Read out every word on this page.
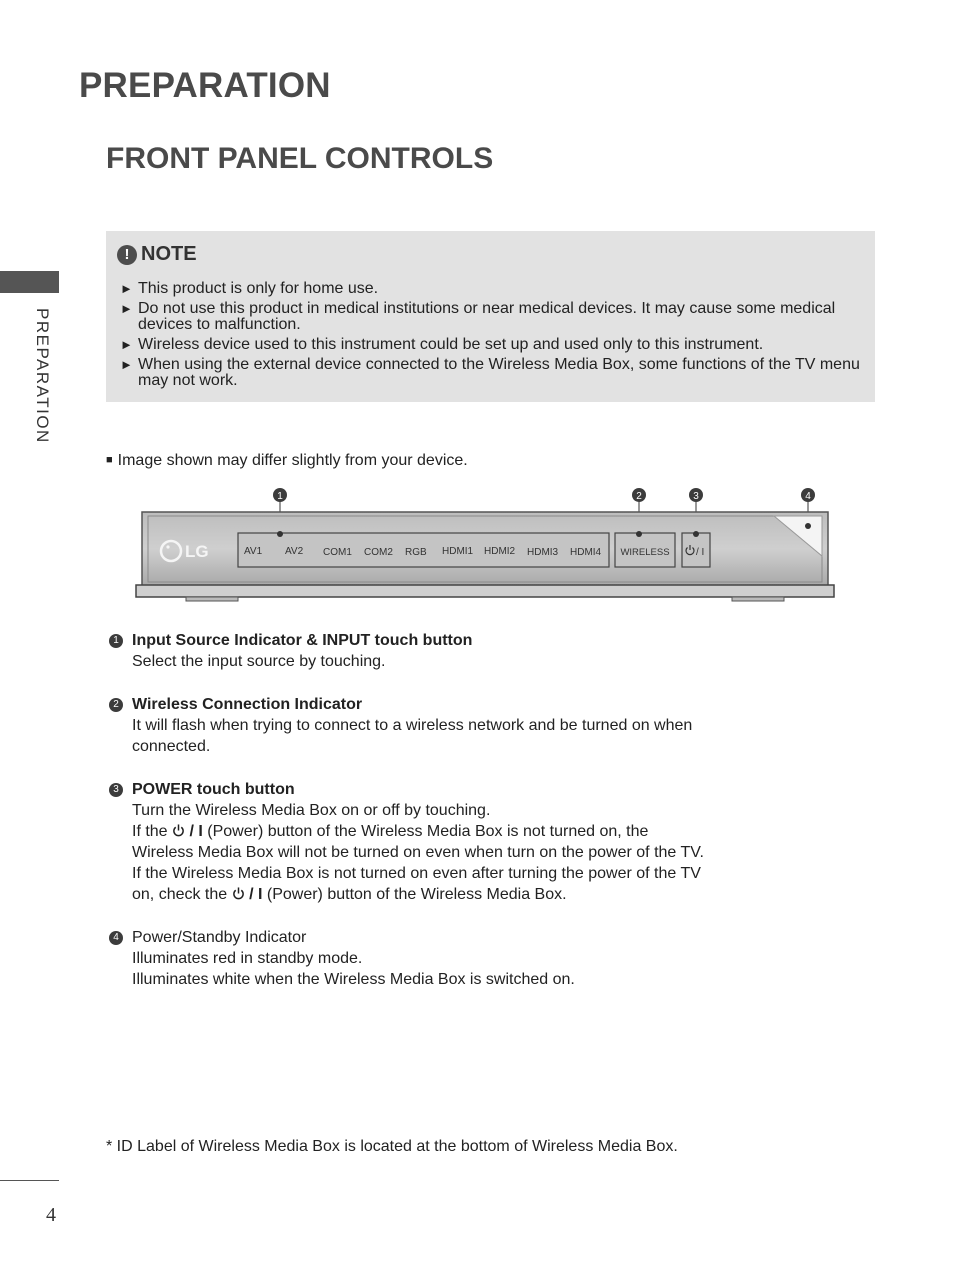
PREPARATION
FRONT PANEL CONTROLS
PREPARATION
! NOTE
► This product is only for home use.
► Do not use this product in medical institutions or near medical devices. It may cause some medical devices to malfunction.
► Wireless device used to this instrument could be set up and used only to this instrument.
► When using the external device connected to the Wireless Media Box, some functions of the TV menu may not work.
■ Image shown may differ slightly from your device.
1	2	3	4
LG	AV1 AV2 COM1 COM2 RGB HDMI1 HDMI2 HDMI3 HDMI4 WIRELESS	/ I
1 Input Source Indicator & INPUT touch button
Select the input source by touching.
2 Wireless Connection Indicator
It will flash when trying to connect to a wireless network and be turned on when
connected.
3 POWER touch button
Turn the Wireless Media Box on or off by touching.
If the / I (Power) button of the Wireless Media Box is not turned on, the
Wireless Media Box will not be turned on even when turn on the power of the TV.
If the Wireless Media Box is not turned on even after turning the power of the TV
on, check the / I (Power) button of the Wireless Media Box.
4 Power/Standby Indicator
Illuminates red in standby mode.
Illuminates white when the Wireless Media Box is switched on.
* ID Label of Wireless Media Box is located at the bottom of Wireless Media Box.
4
